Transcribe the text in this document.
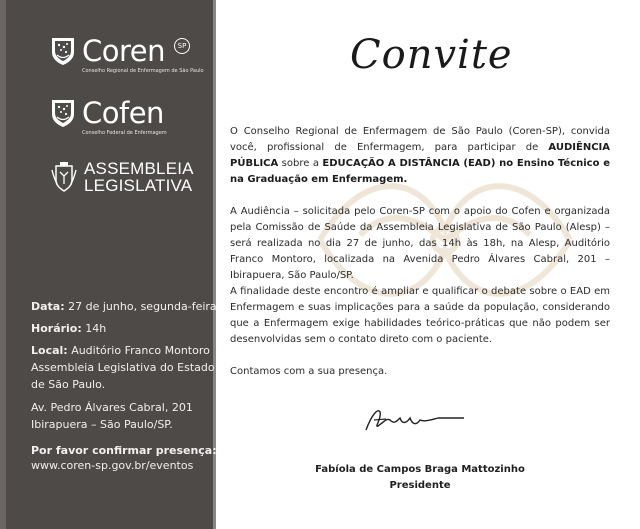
Coren	SP
Conselho Regional de Enfermagem de São Paulo
Cofen
Conselho Federal de Enfermagem
ASSEMBLEIA
LEGISLATIVA
Data: 27 de junho, segunda-feira
Horário: 14h
Local: Auditório Franco Montoro
Assembleia Legislativa do Estado
de São Paulo.
Av. Pedro Álvares Cabral, 201
Ibirapuera – São Paulo/SP.
Por favor confirmar presença:
www.coren-sp.gov.br/eventos
Convite
O Conselho Regional de Enfermagem de São Paulo (Coren-SP), convida você, profissional de Enfermagem, para participar de AUDIÊNCIA PÚBLICA sobre a EDUCAÇÃO A DISTÂNCIA (EAD) no Ensino Técnico e na Graduação em Enfermagem.
A Audiência – solicitada pelo Coren-SP com o apoio do Cofen e organizada pela Comissão de Saúde da Assembleia Legislativa de São Paulo (Alesp) – será realizada no dia 27 de junho, das 14h às 18h, na Alesp, Auditório Franco Montoro, localizada na Avenida Pedro Álvares Cabral, 201 – Ibirapuera, São Paulo/SP.
A finalidade deste encontro é ampliar e qualificar o debate sobre o EAD em Enfermagem e suas implicações para a saúde da população, considerando que a Enfermagem exige habilidades teórico-práticas que não podem ser desenvolvidas sem o contato direto com o paciente.
Contamos com a sua presença.
Fabíola de Campos Braga Mattozinho
Presidente
